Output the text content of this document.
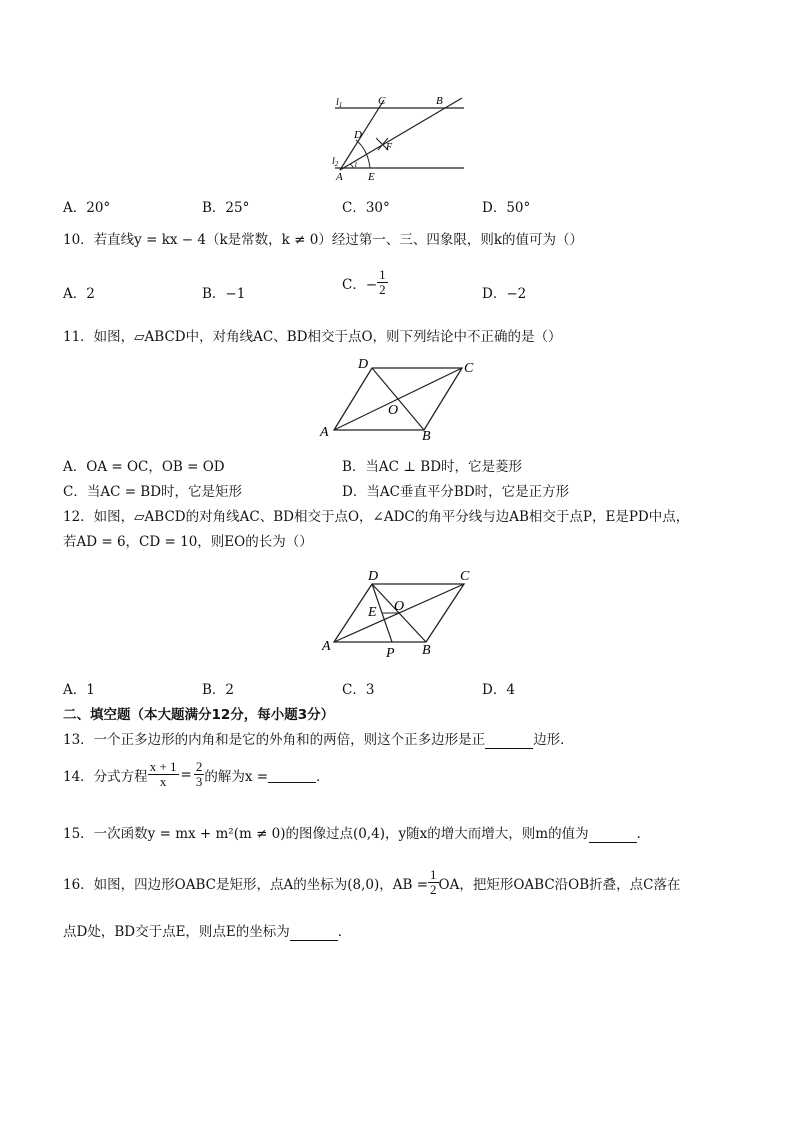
$l_1$
$l_2$
C	B
D
F
A E
1
A．20°	B．25°	C．30°	D．50°
10．若直线y = kx − 4（k是常数，k ≠ 0）经过第一、三、四象限，则k的值可为（）
A．2	B．−1
C．− $\frac{1}{2}$	D．−2
11．如图，▱ABCD中，对角线AC、BD相交于点O，则下列结论中不正确的是（）
D	C
O
A	B
A．OA = OC，OB = OD	B．当AC ⊥ BD时，它是菱形
C．当AC = BD时，它是矩形	D．当AC垂直平分BD时，它是正方形
12．如图，▱ABCD的对角线AC、BD相交于点O，∠ADC的角平分线与边AB相交于点P，E是PD中点，
若AD = 6，CD = 10，则EO的长为（）
D	C
E O
A	P B
A．1	B．2	C．3	D．4
二、填空题（本大题满分12分，每小题3分）
13．一个正多边形的内角和是它的外角和的两倍，则这个正多边形是正	边形．
14．分式方程 $\frac{x + 1}{x} = \frac{2}{3}$ 的解为x =	．
15．一次函数y = mx + m²(m ≠ 0)的图像过点(0,4)，y随x的增大而增大，则m的值为	．
16．如图，四边形OABC是矩形，点A的坐标为(8,0)，AB = $\frac{1}{2}$ OA，把矩形OABC沿OB折叠，点C落在
点D处，BD交于点E，则点E的坐标为	．
